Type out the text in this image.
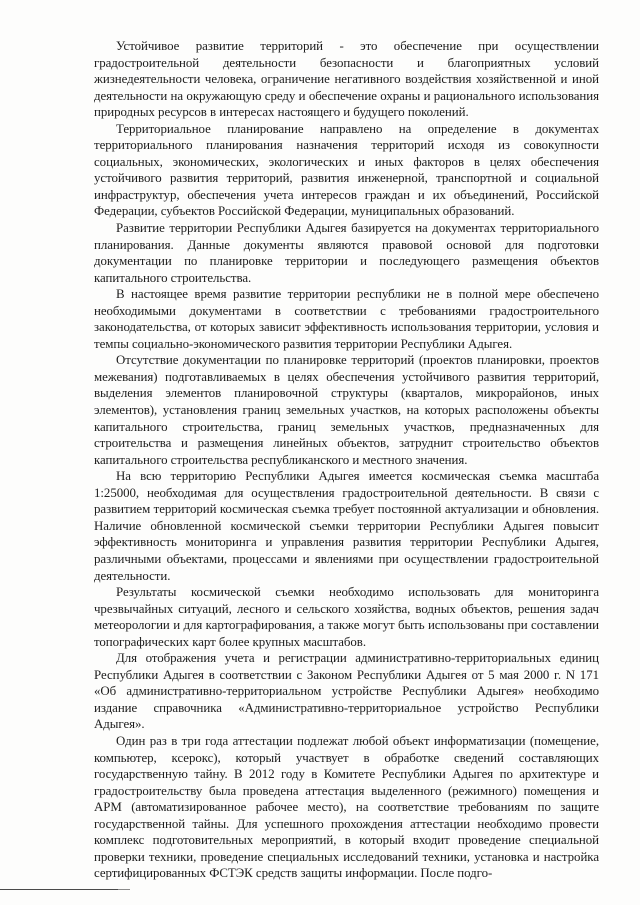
Устойчивое развитие территорий - это обеспечение при осуществлении градостроительной деятельности безопасности и благоприятных условий жизнедеятельности человека, ограничение негативного воздействия хозяйственной и иной деятельности на окружающую среду и обеспечение охраны и рационального использования природных ресурсов в интересах настоящего и будущего поколений.

Территориальное планирование направлено на определение в документах территориального планирования назначения территорий исходя из совокупности социальных, экономических, экологических и иных факторов в целях обеспечения устойчивого развития территорий, развития инженерной, транспортной и социальной инфраструктур, обеспечения учета интересов граждан и их объединений, Российской Федерации, субъектов Российской Федерации, муниципальных образований.

Развитие территории Республики Адыгея базируется на документах территориального планирования. Данные документы являются правовой основой для подготовки документации по планировке территории и последующего размещения объектов капитального строительства.

В настоящее время развитие территории республики не в полной мере обеспечено необходимыми документами в соответствии с требованиями градостроительного законодательства, от которых зависит эффективность использования территории, условия и темпы социально-экономического развития территории Республики Адыгея.

Отсутствие документации по планировке территорий (проектов планировки, проектов межевания) подготавливаемых в целях обеспечения устойчивого развития территорий, выделения элементов планировочной структуры (кварталов, микрорайонов, иных элементов), установления границ земельных участков, на которых расположены объекты капитального строительства, границ земельных участков, предназначенных для строительства и размещения линейных объектов, затруднит строительство объектов капитального строительства республиканского и местного значения.

На всю территорию Республики Адыгея имеется космическая съемка масштаба 1:25000, необходимая для осуществления градостроительной деятельности. В связи с развитием территорий космическая съемка требует постоянной актуализации и обновления. Наличие обновленной космической съемки территории Республики Адыгея повысит эффективность мониторинга и управления развития территории Республики Адыгея, различными объектами, процессами и явлениями при осуществлении градостроительной деятельности.

Результаты космической съемки необходимо использовать для мониторинга чрезвычайных ситуаций, лесного и сельского хозяйства, водных объектов, решения задач метеорологии и для картографирования, а также могут быть использованы при составлении топографических карт более крупных масштабов.

Для отображения учета и регистрации административно-территориальных единиц Республики Адыгея в соответствии с Законом Республики Адыгея от 5 мая 2000 г. N 171 «Об административно-территориальном устройстве Республики Адыгея» необходимо издание справочника «Административно-территориальное устройство Республики Адыгея».

Один раз в три года аттестации подлежат любой объект информатизации (помещение, компьютер, ксерокс), который участвует в обработке сведений составляющих государственную тайну. В 2012 году в Комитете Республики Адыгея по архитектуре и градостроительству была проведена аттестация выделенного (режимного) помещения и АРМ (автоматизированное рабочее место), на соответствие требованиям по защите государственной тайны. Для успешного прохождения аттестации необходимо провести комплекс подготовительных мероприятий, в который входит проведение специальной проверки техники, проведение специальных исследований техники, установка и настройка сертифицированных ФСТЭК средств защиты информации. После подго-
